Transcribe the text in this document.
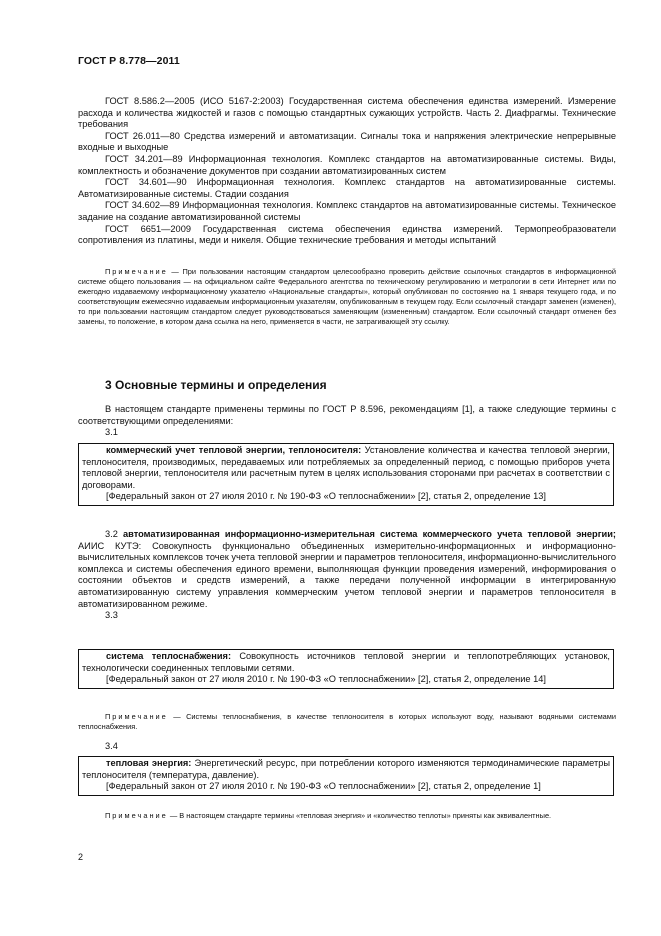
ГОСТ Р 8.778—2011

ГОСТ 8.586.2—2005 (ИСО 5167-2:2003) Государственная система обеспечения единства измерений. Измерение расхода и количества жидкостей и газов с помощью стандартных сужающих устройств. Часть 2. Диафрагмы. Технические требования

ГОСТ 26.011—80 Средства измерений и автоматизации. Сигналы тока и напряжения электрические непрерывные входные и выходные

ГОСТ 34.201—89 Информационная технология. Комплекс стандартов на автоматизированные системы. Виды, комплектность и обозначение документов при создании автоматизированных систем

ГОСТ 34.601—90 Информационная технология. Комплекс стандартов на автоматизированные системы. Автоматизированные системы. Стадии создания

ГОСТ 34.602—89 Информационная технология. Комплекс стандартов на автоматизированные системы. Техническое задание на создание автоматизированной системы

ГОСТ 6651—2009 Государственная система обеспечения единства измерений. Термопреобразователи сопротивления из платины, меди и никеля. Общие технические требования и методы испытаний

Примечание — При пользовании настоящим стандартом целесообразно проверить действие ссылочных стандартов в информационной системе общего пользования — на официальном сайте Федерального агентства по техническому регулированию и метрологии в сети Интернет или по ежегодно издаваемому информационному указателю «Национальные стандарты», который опубликован по состоянию на 1 января текущего года, и по соответствующим ежемесячно издаваемым информационным указателям, опубликованным в текущем году. Если ссылочный стандарт заменен (изменен), то при пользовании настоящим стандартом следует руководствоваться заменяющим (измененным) стандартом. Если ссылочный стандарт отменен без замены, то положение, в котором дана ссылка на него, применяется в части, не затрагивающей эту ссылку.

3 Основные термины и определения

В настоящем стандарте применены термины по ГОСТ Р 8.596, рекомендациям [1], а также следующие термины с соответствующими определениями:

3.1

коммерческий учет тепловой энергии, теплоносителя: Установление количества и качества тепловой энергии, теплоносителя, производимых, передаваемых или потребляемых за определенный период, с помощью приборов учета тепловой энергии, теплоносителя или расчетным путем в целях использования сторонами при расчетах в соответствии с договорами.

[Федеральный закон от 27 июля 2010 г. № 190-ФЗ «О теплоснабжении» [2], статья 2, определение 13]

3.2 автоматизированная информационно-измерительная система коммерческого учета тепловой энергии; АИИС КУТЭ: Совокупность функционально объединенных измерительно-информационных и информационно-вычислительных комплексов точек учета тепловой энергии и параметров теплоносителя, информационно-вычислительного комплекса и системы обеспечения единого времени, выполняющая функции проведения измерений, информирования о состоянии объектов и средств измерений, а также передачи полученной информации в интегрированную автоматизированную систему управления коммерческим учетом тепловой энергии и параметров теплоносителя в автоматизированном режиме.

3.3

система теплоснабжения: Совокупность источников тепловой энергии и теплопотребляющих установок, технологически соединенных тепловыми сетями.

[Федеральный закон от 27 июля 2010 г. № 190-ФЗ «О теплоснабжении» [2], статья 2, определение 14]

Примечание — Системы теплоснабжения, в качестве теплоносителя в которых используют воду, называют водяными системами теплоснабжения.

3.4

тепловая энергия: Энергетический ресурс, при потреблении которого изменяются термодинамические параметры теплоносителя (температура, давление).

[Федеральный закон от 27 июля 2010 г. № 190-ФЗ «О теплоснабжении» [2], статья 2, определение 1]

Примечание — В настоящем стандарте термины «тепловая энергия» и «количество теплоты» приняты как эквивалентные.

2
